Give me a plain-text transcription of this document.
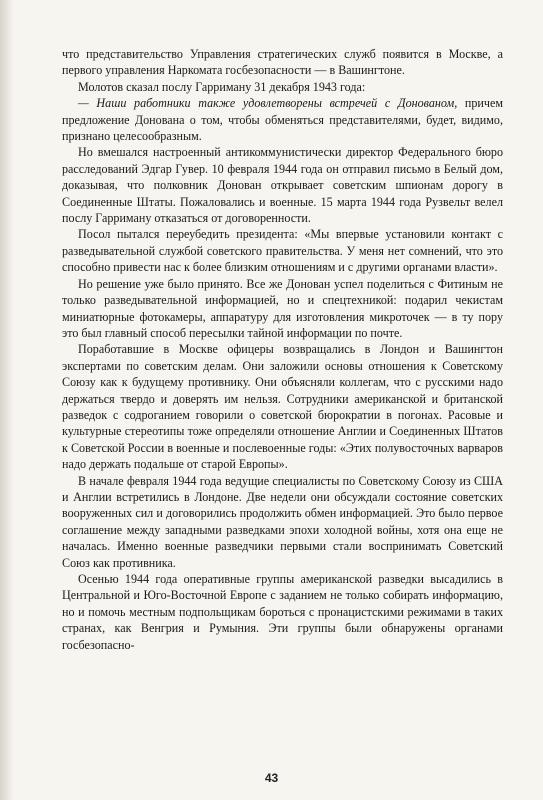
что представительство Управления стратегических служб появится в Москве, а первого управления Наркомата госбезопасности — в Вашингтоне.

Молотов сказал послу Гарриману 31 декабря 1943 года:

— Наши работники также удовлетворены встречей с Донованом, причем предложение Донована о том, чтобы обменяться представителями, будет, видимо, признано целесообразным.

Но вмешался настроенный антикоммунистически директор Федерального бюро расследований Эдгар Гувер. 10 февраля 1944 года он отправил письмо в Белый дом, доказывая, что полковник Донован открывает советским шпионам дорогу в Соединенные Штаты. Пожаловались и военные. 15 марта 1944 года Рузвельт велел послу Гарриману отказаться от договоренности.

Посол пытался переубедить президента: «Мы впервые установили контакт с разведывательной службой советского правительства. У меня нет сомнений, что это способно привести нас к более близким отношениям и с другими органами власти».

Но решение уже было принято. Все же Донован успел поделиться с Фитиным не только разведывательной информацией, но и спецтехникой: подарил чекистам миниатюрные фотокамеры, аппаратуру для изготовления микроточек — в ту пору это был главный способ пересылки тайной информации по почте.

Поработавшие в Москве офицеры возвращались в Лондон и Вашингтон экспертами по советским делам. Они заложили основы отношения к Советскому Союзу как к будущему противнику. Они объясняли коллегам, что с русскими надо держаться твердо и доверять им нельзя. Сотрудники американской и британской разведок с содроганием говорили о советской бюрократии в погонах. Расовые и культурные стереотипы тоже определяли отношение Англии и Соединенных Штатов к Советской России в военные и послевоенные годы: «Этих полувосточных варваров надо держать подальше от старой Европы».

В начале февраля 1944 года ведущие специалисты по Советскому Союзу из США и Англии встретились в Лондоне. Две недели они обсуждали состояние советских вооруженных сил и договорились продолжить обмен информацией. Это было первое соглашение между западными разведками эпохи холодной войны, хотя она еще не началась. Именно военные разведчики первыми стали воспринимать Советский Союз как противника.

Осенью 1944 года оперативные группы американской разведки высадились в Центральной и Юго-Восточной Европе с заданием не только собирать информацию, но и помочь местным подпольщикам бороться с пронацистскими режимами в таких странах, как Венгрия и Румыния. Эти группы были обнаружены органами госбезопасно-

43
